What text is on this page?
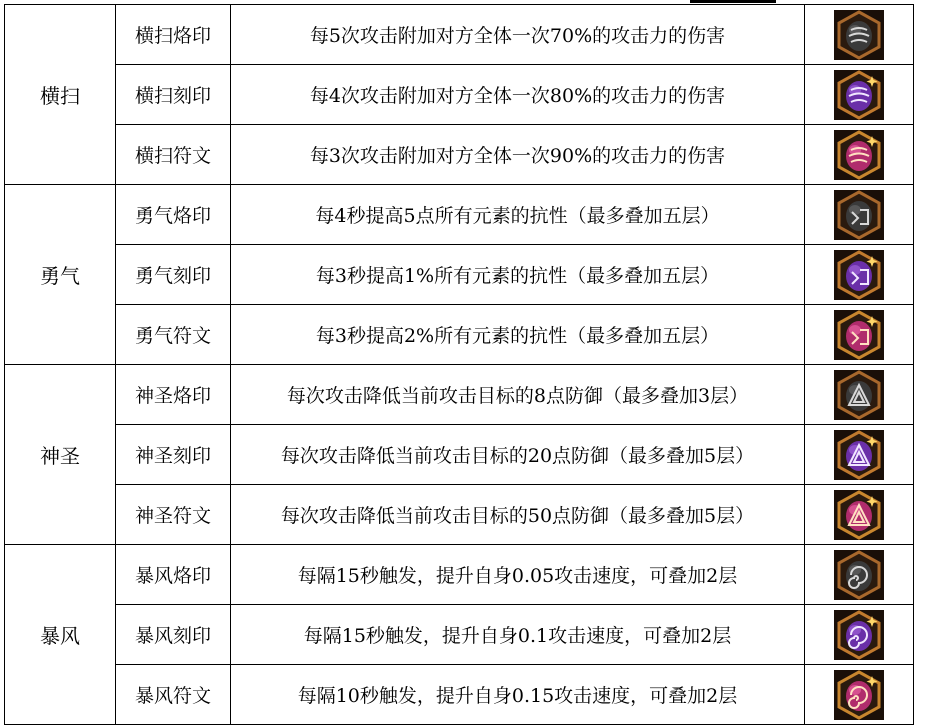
横扫	横扫烙印	每5次攻击附加对方全体一次70%的攻击力的伤害	

	横扫刻印	每4次攻击附加对方全体一次80%的攻击力的伤害	

	横扫符文	每3次攻击附加对方全体一次90%的攻击力的伤害	

勇气	勇气烙印	每4秒提高5点所有元素的抗性（最多叠加五层）	

	勇气刻印	每3秒提高1%所有元素的抗性（最多叠加五层）	

	勇气符文	每3秒提高2%所有元素的抗性（最多叠加五层）	

神圣	神圣烙印	每次攻击降低当前攻击目标的8点防御（最多叠加3层）	

	神圣刻印	每次攻击降低当前攻击目标的20点防御（最多叠加5层）	

	神圣符文	每次攻击降低当前攻击目标的50点防御（最多叠加5层）	

暴风	暴风烙印	每隔15秒触发，提升自身0.05攻击速度，可叠加2层	

	暴风刻印	每隔15秒触发，提升自身0.1攻击速度，可叠加2层	

	暴风符文	每隔10秒触发，提升自身0.15攻击速度，可叠加2层	
